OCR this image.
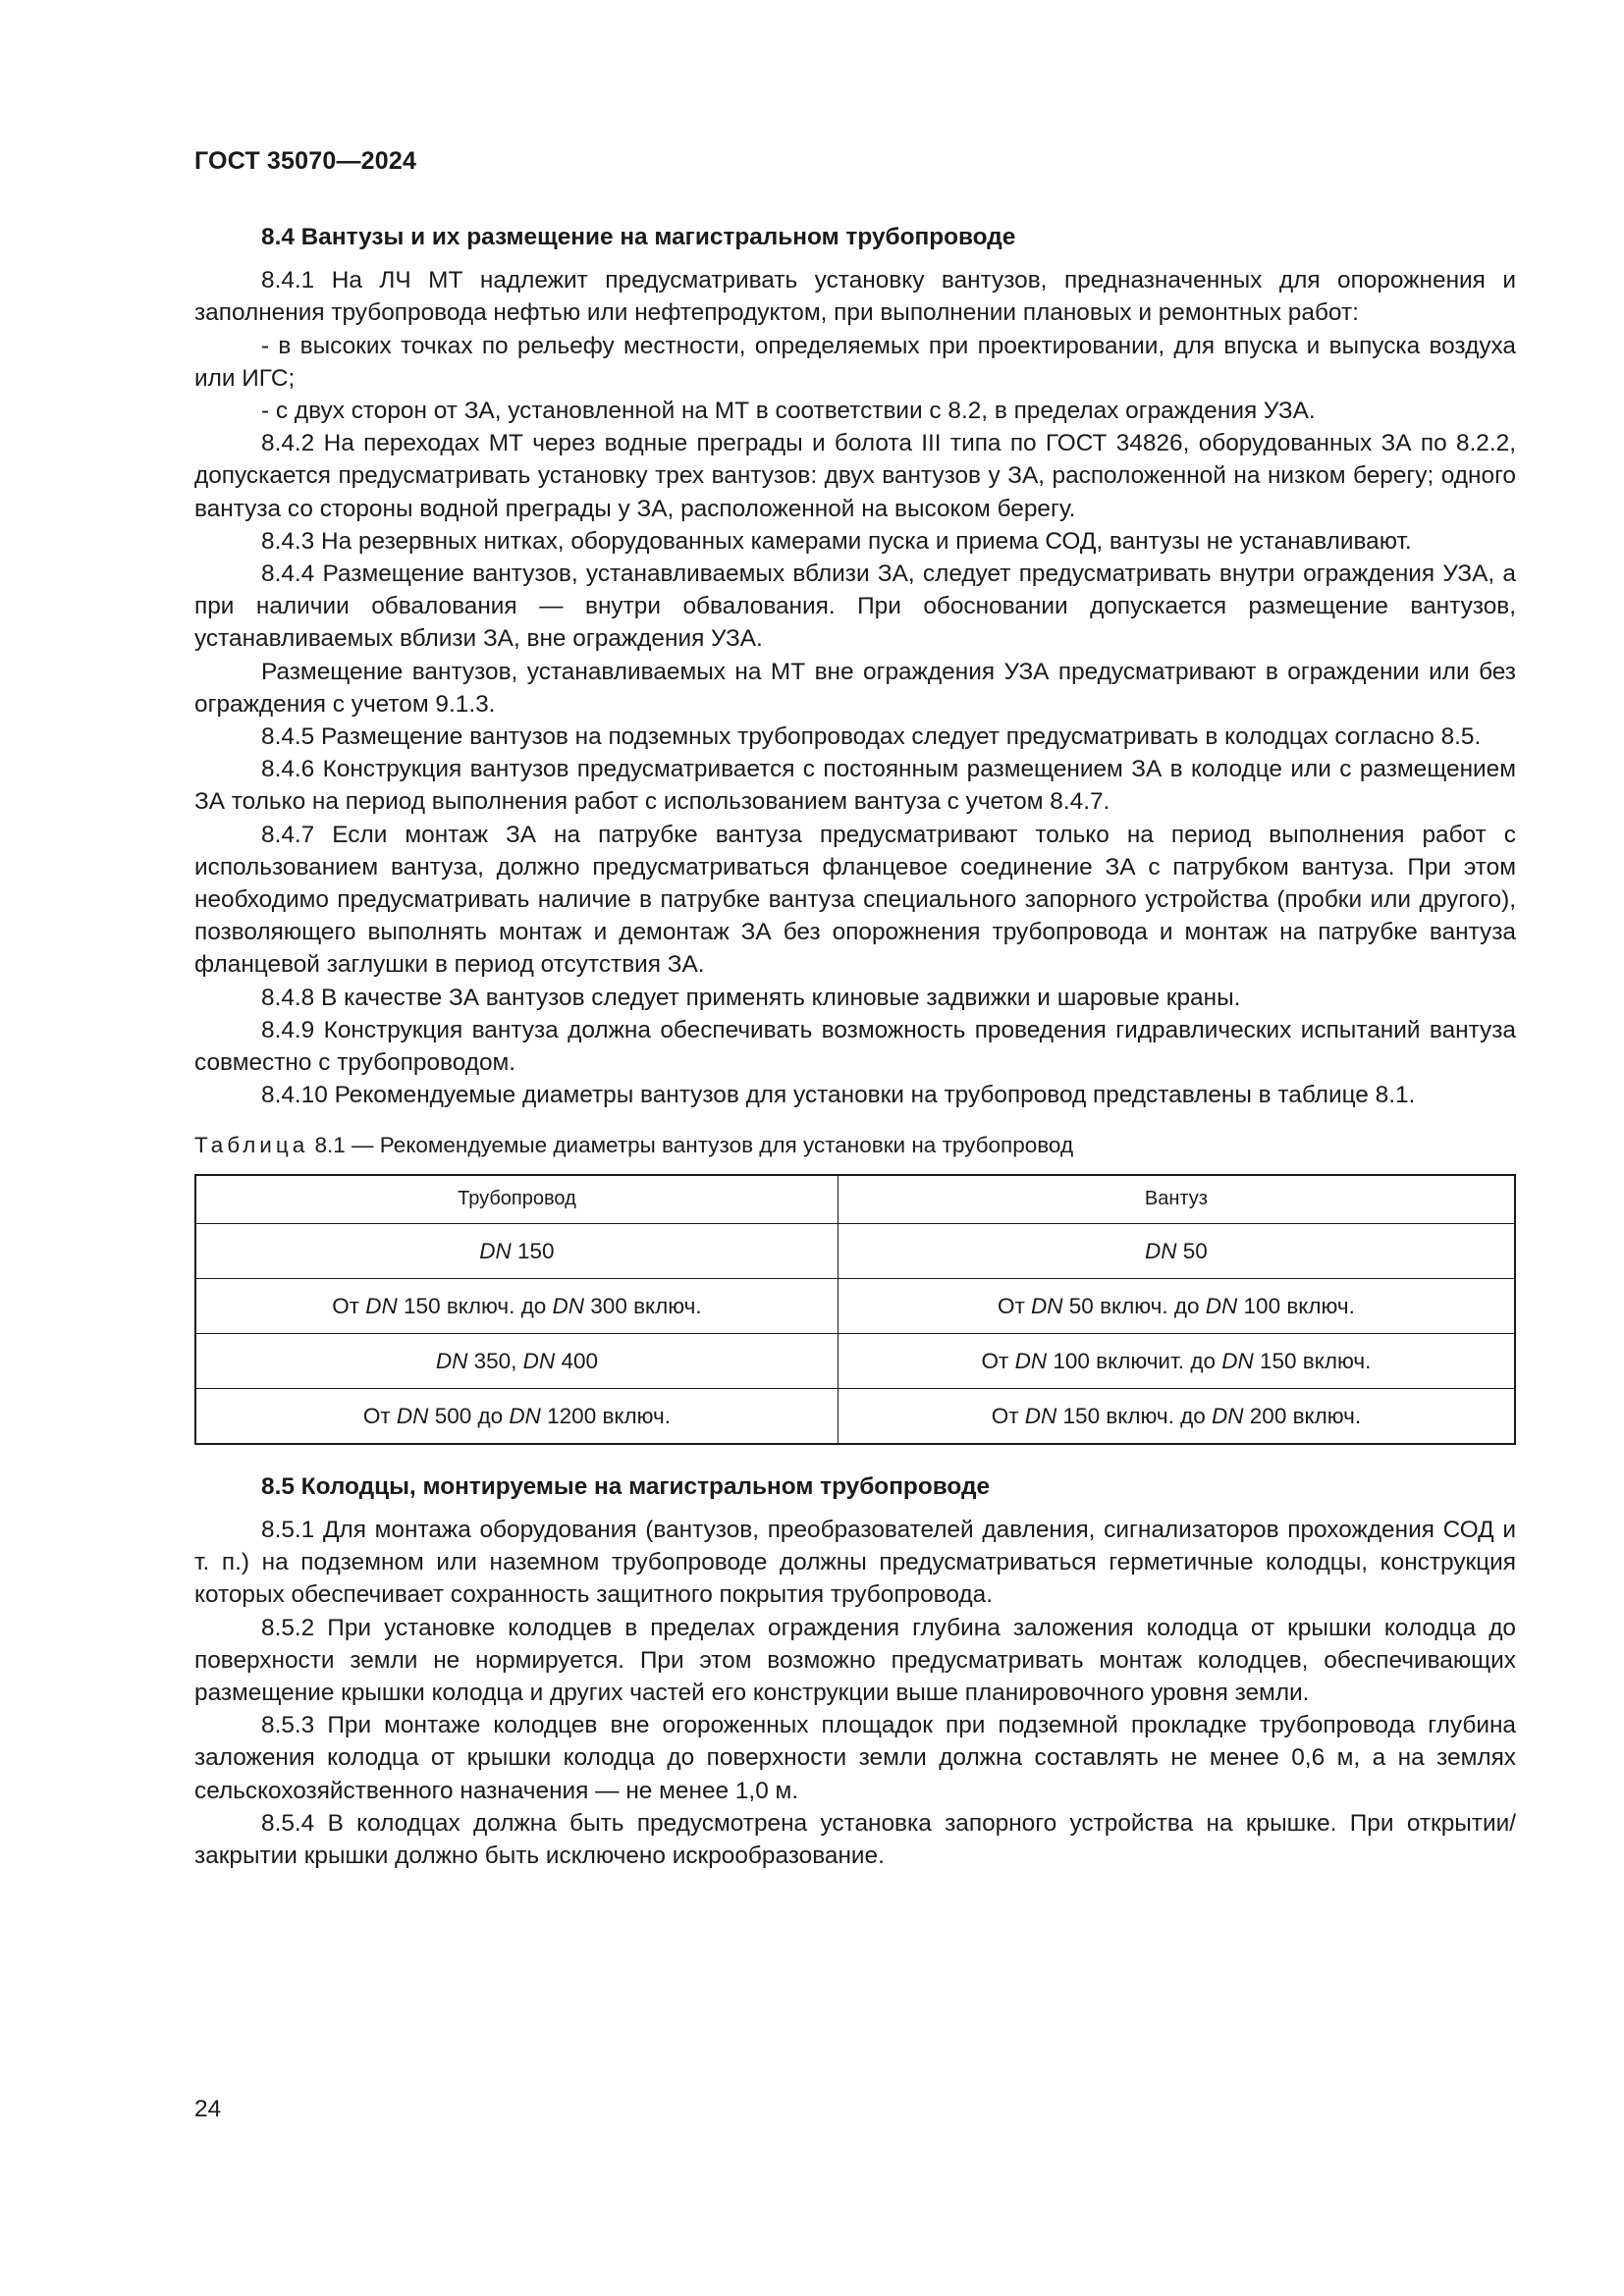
ГОСТ 35070—2024

8.4 Вантузы и их размещение на магистральном трубопроводе

8.4.1 На ЛЧ МТ надлежит предусматривать установку вантузов, предназначенных для опорожнения и заполнения трубопровода нефтью или нефтепродуктом, при выполнении плановых и ремонтных работ:

- в высоких точках по рельефу местности, определяемых при проектировании, для впуска и выпуска воздуха или ИГС;

- с двух сторон от ЗА, установленной на МТ в соответствии с 8.2, в пределах ограждения УЗА.

8.4.2 На переходах МТ через водные преграды и болота III типа по ГОСТ 34826, оборудованных ЗА по 8.2.2, допускается предусматривать установку трех вантузов: двух вантузов у ЗА, расположенной на низком берегу; одного вантуза со стороны водной преграды у ЗА, расположенной на высоком берегу.

8.4.3 На резервных нитках, оборудованных камерами пуска и приема СОД, вантузы не устанавливают.

8.4.4 Размещение вантузов, устанавливаемых вблизи ЗА, следует предусматривать внутри ограждения УЗА, а при наличии обвалования — внутри обвалования. При обосновании допускается размещение вантузов, устанавливаемых вблизи ЗА, вне ограждения УЗА.

Размещение вантузов, устанавливаемых на МТ вне ограждения УЗА предусматривают в ограждении или без ограждения с учетом 9.1.3.

8.4.5 Размещение вантузов на подземных трубопроводах следует предусматривать в колодцах согласно 8.5.

8.4.6 Конструкция вантузов предусматривается с постоянным размещением ЗА в колодце или с размещением ЗА только на период выполнения работ с использованием вантуза с учетом 8.4.7.

8.4.7 Если монтаж ЗА на патрубке вантуза предусматривают только на период выполнения работ с использованием вантуза, должно предусматриваться фланцевое соединение ЗА с патрубком вантуза. При этом необходимо предусматривать наличие в патрубке вантуза специального запорного устройства (пробки или другого), позволяющего выполнять монтаж и демонтаж ЗА без опорожнения трубопровода и монтаж на патрубке вантуза фланцевой заглушки в период отсутствия ЗА.

8.4.8 В качестве ЗА вантузов следует применять клиновые задвижки и шаровые краны.

8.4.9 Конструкция вантуза должна обеспечивать возможность проведения гидравлических испытаний вантуза совместно с трубопроводом.

8.4.10 Рекомендуемые диаметры вантузов для установки на трубопровод представлены в таблице 8.1.

Таблица 8.1 — Рекомендуемые диаметры вантузов для установки на трубопровод

Трубопровод	Вантуз
DN 150	DN 50
От DN 150 включ. до DN 300 включ.	От DN 50 включ. до DN 100 включ.
DN 350, DN 400	От DN 100 включит. до DN 150 включ.
От DN 500 до DN 1200 включ.	От DN 150 включ. до DN 200 включ.

8.5 Колодцы, монтируемые на магистральном трубопроводе

8.5.1 Для монтажа оборудования (вантузов, преобразователей давления, сигнализаторов прохождения СОД и т. п.) на подземном или наземном трубопроводе должны предусматриваться герметичные колодцы, конструкция которых обеспечивает сохранность защитного покрытия трубопровода.

8.5.2 При установке колодцев в пределах ограждения глубина заложения колодца от крышки колодца до поверхности земли не нормируется. При этом возможно предусматривать монтаж колодцев, обеспечивающих размещение крышки колодца и других частей его конструкции выше планировочного уровня земли.

8.5.3 При монтаже колодцев вне огороженных площадок при подземной прокладке трубопровода глубина заложения колодца от крышки колодца до поверхности земли должна составлять не менее 0,6 м, а на землях сельскохозяйственного назначения — не менее 1,0 м.

8.5.4 В колодцах должна быть предусмотрена установка запорного устройства на крышке. При открытии/закрытии крышки должно быть исключено искрообразование.

24
